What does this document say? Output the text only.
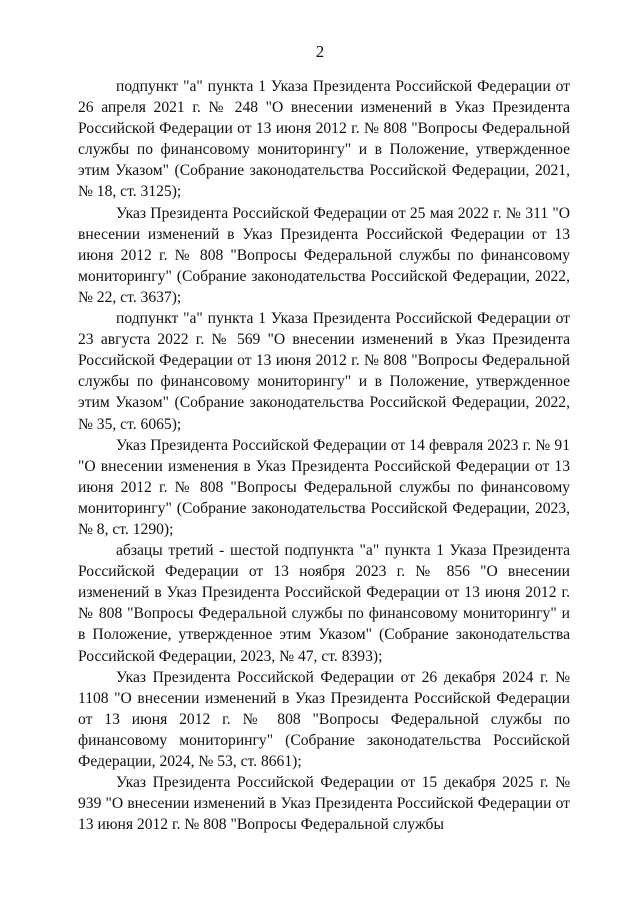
2

подпункт "а" пункта 1 Указа Президента Российской Федерации от 26 апреля 2021 г. № 248 "О внесении изменений в Указ Президента Российской Федерации от 13 июня 2012 г. № 808 "Вопросы Федеральной службы по финансовому мониторингу" и в Положение, утвержденное этим Указом" (Собрание законодательства Российской Федерации, 2021, № 18, ст. 3125);

Указ Президента Российской Федерации от 25 мая 2022 г. № 311 "О внесении изменений в Указ Президента Российской Федерации от 13 июня 2012 г. № 808 "Вопросы Федеральной службы по финансовому мониторингу" (Собрание законодательства Российской Федерации, 2022, № 22, ст. 3637);

подпункт "а" пункта 1 Указа Президента Российской Федерации от 23 августа 2022 г. № 569 "О внесении изменений в Указ Президента Российской Федерации от 13 июня 2012 г. № 808 "Вопросы Федеральной службы по финансовому мониторингу" и в Положение, утвержденное этим Указом" (Собрание законодательства Российской Федерации, 2022, № 35, ст. 6065);

Указ Президента Российской Федерации от 14 февраля 2023 г. № 91 "О внесении изменения в Указ Президента Российской Федерации от 13 июня 2012 г. № 808 "Вопросы Федеральной службы по финансовому мониторингу" (Собрание законодательства Российской Федерации, 2023, № 8, ст. 1290);

абзацы третий - шестой подпункта "а" пункта 1 Указа Президента Российской Федерации от 13 ноября 2023 г. № 856 "О внесении изменений в Указ Президента Российской Федерации от 13 июня 2012 г. № 808 "Вопросы Федеральной службы по финансовому мониторингу" и в Положение, утвержденное этим Указом" (Собрание законодательства Российской Федерации, 2023, № 47, ст. 8393);

Указ Президента Российской Федерации от 26 декабря 2024 г. № 1108 "О внесении изменений в Указ Президента Российской Федерации от 13 июня 2012 г. № 808 "Вопросы Федеральной службы по финансовому мониторингу" (Собрание законодательства Российской Федерации, 2024, № 53, ст. 8661);

Указ Президента Российской Федерации от 15 декабря 2025 г. № 939 "О внесении изменений в Указ Президента Российской Федерации от 13 июня 2012 г. № 808 "Вопросы Федеральной службы
